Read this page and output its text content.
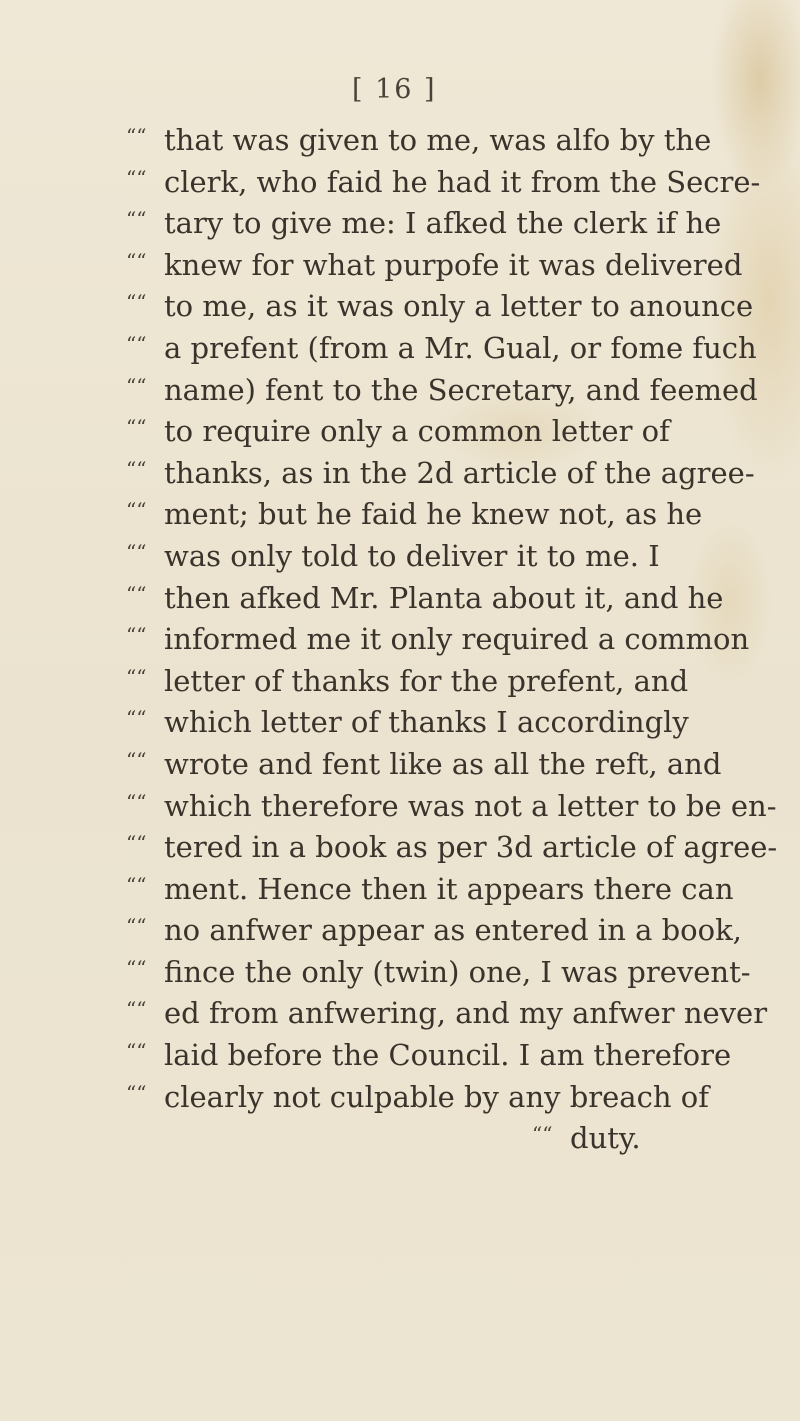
[ 16 ]
““ that was given to me, was alfo by the
““ clerk, who faid he had it from the Secre-
““ tary to give me: I afked the clerk if he
““ knew for what purpofe it was delivered
““ to me, as it was only a letter to anounce
““ a prefent (from a Mr. Gual, or fome fuch
““ name) fent to the Secretary, and feemed
““ to require only a common letter of
““ thanks, as in the 2d article of the agree-
““ ment; but he faid he knew not, as he
““ was only told to deliver it to me. I
““ then afked Mr. Planta about it, and he
““ informed me it only required a common
““ letter of thanks for the prefent, and
““ which letter of thanks I accordingly
““ wrote and fent like as all the reft, and
““ which therefore was not a letter to be en-
““ tered in a book as per 3d article of agree-
““ ment. Hence then it appears there can
““ no anfwer appear as entered in a book,
““ fince the only (twin) one, I was prevent-
““ ed from anfwering, and my anfwer never
““ laid before the Council. I am therefore
““ clearly not culpable by any breach of
““ duty.
